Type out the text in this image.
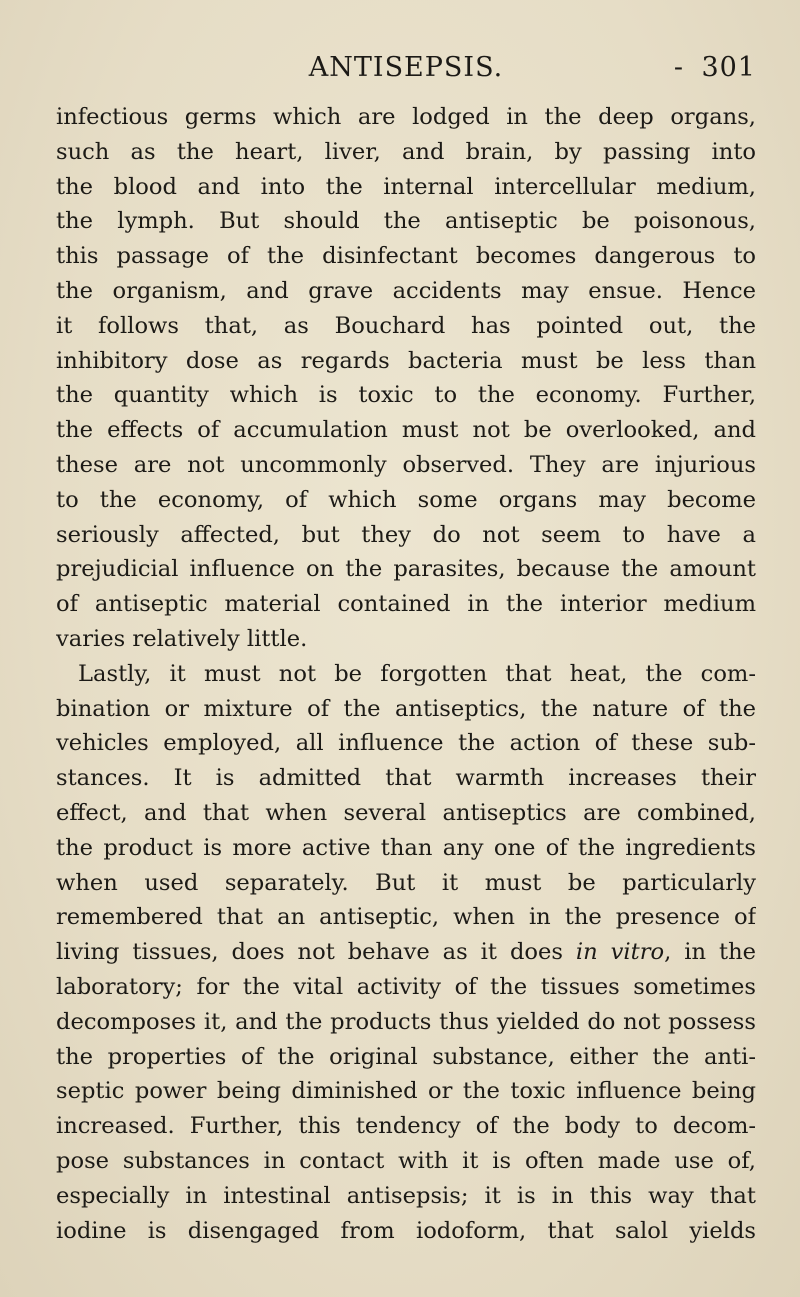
ANTISEPSIS.	- 301
infectious germs which are lodged in the deep organs,
such as the heart, liver, and brain, by passing into
the blood and into the internal intercellular medium,
the lymph. But should the antiseptic be poisonous,
this passage of the disinfectant becomes dangerous to
the organism, and grave accidents may ensue. Hence
it follows that, as Bouchard has pointed out, the
inhibitory dose as regards bacteria must be less than
the quantity which is toxic to the economy. Further,
the effects of accumulation must not be overlooked, and
these are not uncommonly observed. They are injurious
to the economy, of which some organs may become
seriously affected, but they do not seem to have a
prejudicial influence on the parasites, because the amount
of antiseptic material contained in the interior medium
varies relatively little.
Lastly, it must not be forgotten that heat, the com-
bination or mixture of the antiseptics, the nature of the
vehicles employed, all influence the action of these sub-
stances. It is admitted that warmth increases their
effect, and that when several antiseptics are combined,
the product is more active than any one of the ingredients
when used separately. But it must be particularly
remembered that an antiseptic, when in the presence of
living tissues, does not behave as it does in vitro, in the
laboratory; for the vital activity of the tissues sometimes
decomposes it, and the products thus yielded do not possess
the properties of the original substance, either the anti-
septic power being diminished or the toxic influence being
increased. Further, this tendency of the body to decom-
pose substances in contact with it is often made use of,
especially in intestinal antisepsis; it is in this way that
iodine is disengaged from iodoform, that salol yields
